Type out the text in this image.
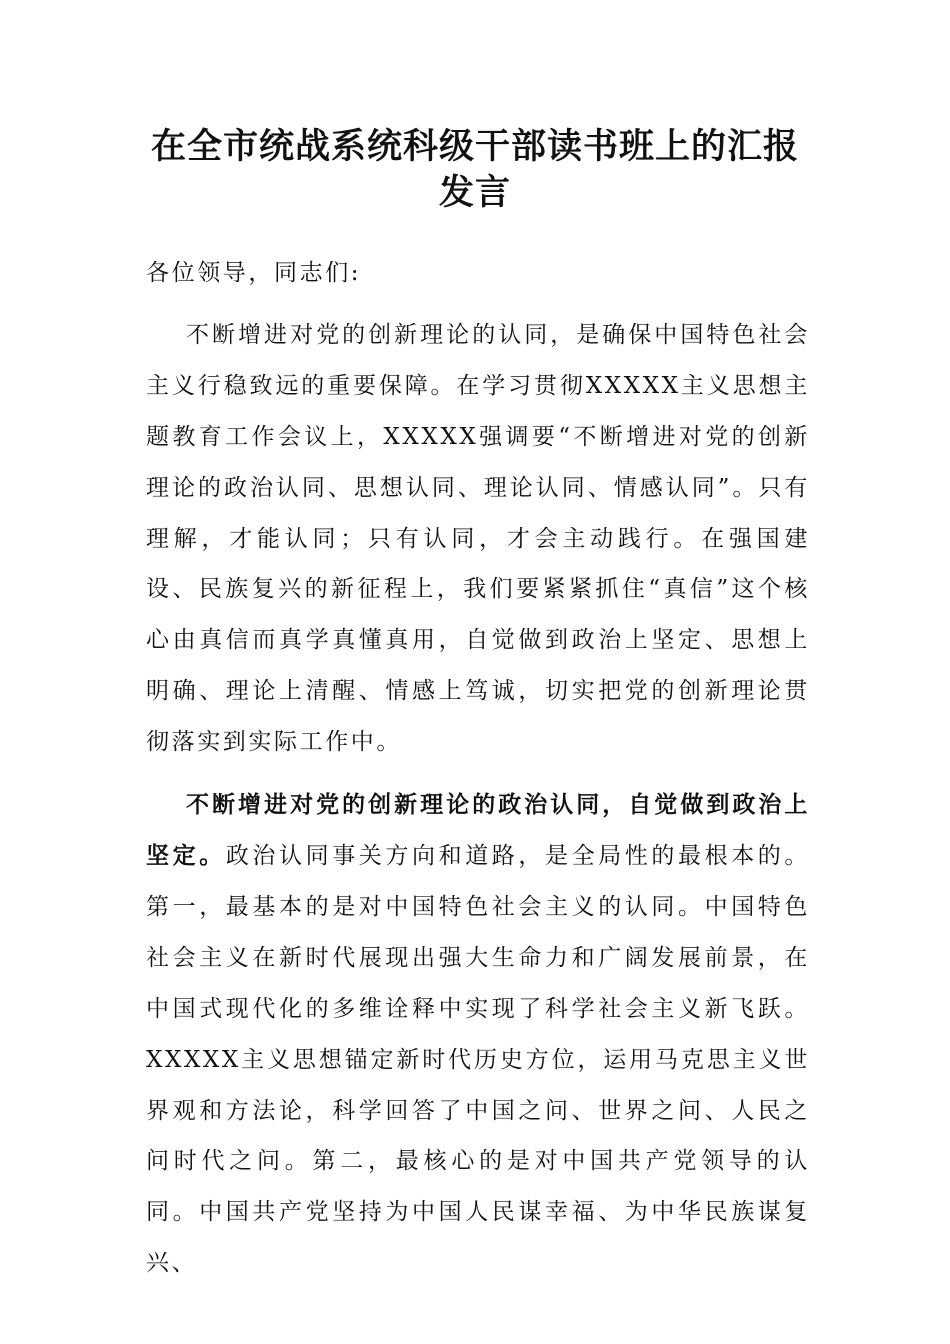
在全市统战系统科级干部读书班上的汇报
发言

各位领导，同志们:

不断增进对党的创新理论的认同，是确保中国特色社会主义行稳致远的重要保障。在学习贯彻XXXXX主义思想主题教育工作会议上，XXXXX强调要“不断增进对党的创新理论的政治认同、思想认同、理论认同、情感认同”。只有理解，才能认同；只有认同，才会主动践行。在强国建设、民族复兴的新征程上，我们要紧紧抓住“真信”这个核心由真信而真学真懂真用，自觉做到政治上坚定、思想上明确、理论上清醒、情感上笃诚，切实把党的创新理论贯彻落实到实际工作中。

不断增进对党的创新理论的政治认同，自觉做到政治上坚定。政治认同事关方向和道路，是全局性的最根本的。第一，最基本的是对中国特色社会主义的认同。中国特色社会主义在新时代展现出强大生命力和广阔发展前景，在中国式现代化的多维诠释中实现了科学社会主义新飞跃。XXXXX主义思想锚定新时代历史方位，运用马克思主义世界观和方法论，科学回答了中国之问、世界之问、人民之问时代之问。第二，最核心的是对中国共产党领导的认同。中国共产党坚持为中国人民谋幸福、为中华民族谋复兴、
